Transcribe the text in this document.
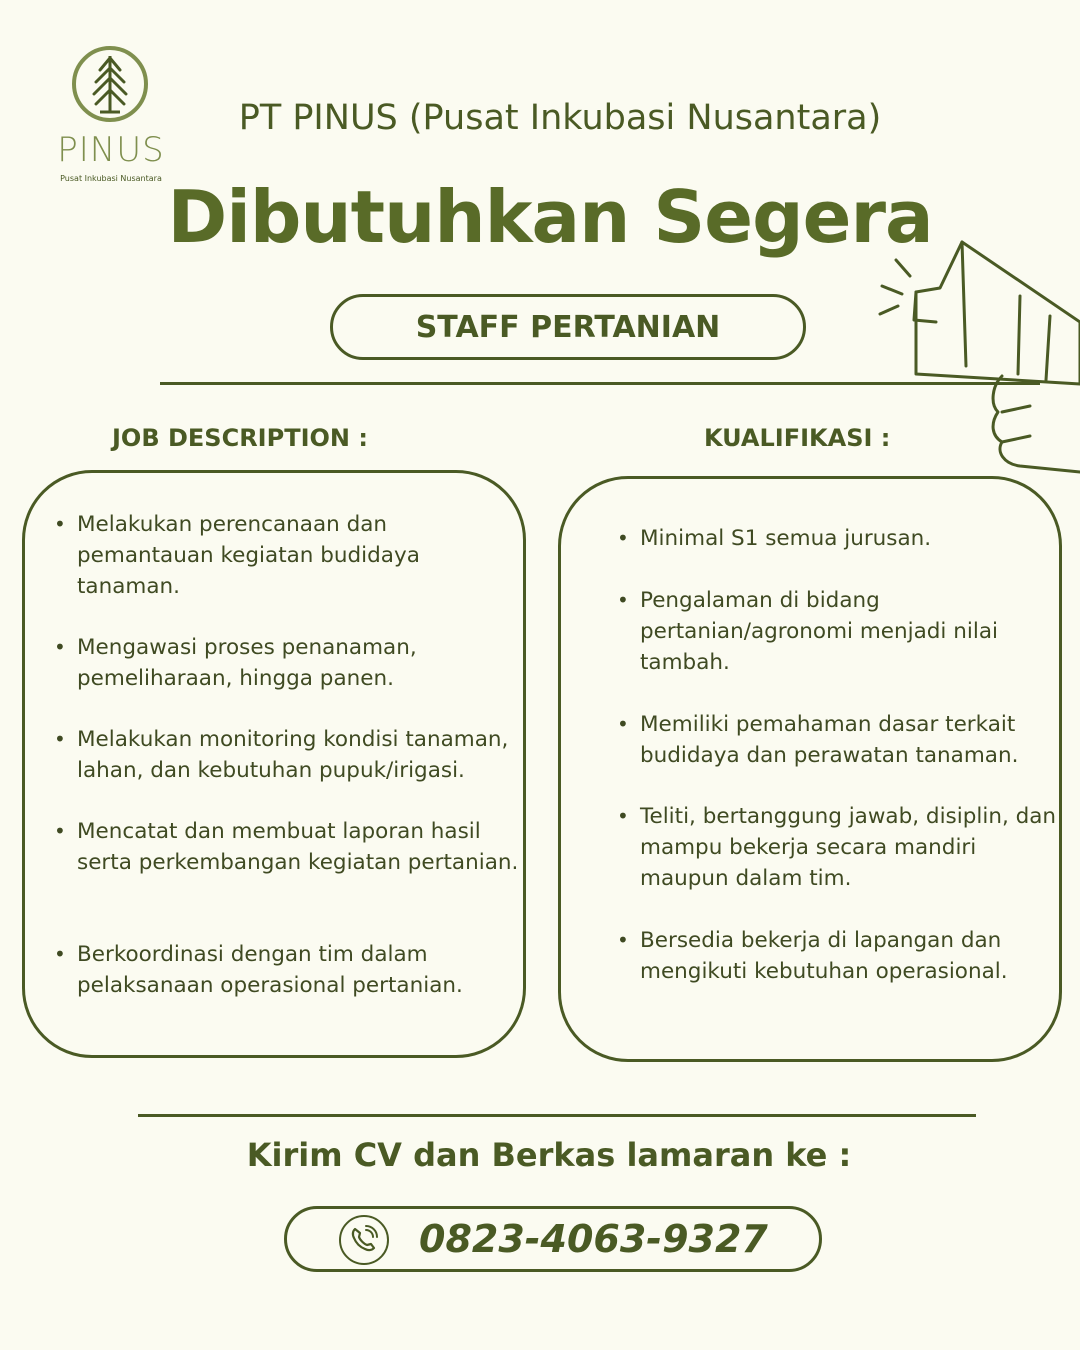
PINUS
Pusat Inkubasi Nusantara
PT PINUS (Pusat Inkubasi Nusantara)
Dibutuhkan Segera
STAFF PERTANIAN
JOB DESCRIPTION :	KUALIFIKASI :
• Melakukan perencanaan dan pemantauan kegiatan budidaya tanaman.
• Mengawasi proses penanaman, pemeliharaan, hingga panen.
• Melakukan monitoring kondisi tanaman, lahan, dan kebutuhan pupuk/irigasi.
• Mencatat dan membuat laporan hasil serta perkembangan kegiatan pertanian.
• Berkoordinasi dengan tim dalam pelaksanaan operasional pertanian.
• Minimal S1 semua jurusan.
• Pengalaman di bidang pertanian/agronomi menjadi nilai tambah.
• Memiliki pemahaman dasar terkait budidaya dan perawatan tanaman.
• Teliti, bertanggung jawab, disiplin, dan mampu bekerja secara mandiri maupun dalam tim.
• Bersedia bekerja di lapangan dan mengikuti kebutuhan operasional.
Kirim CV dan Berkas lamaran ke :
0823-4063-9327
